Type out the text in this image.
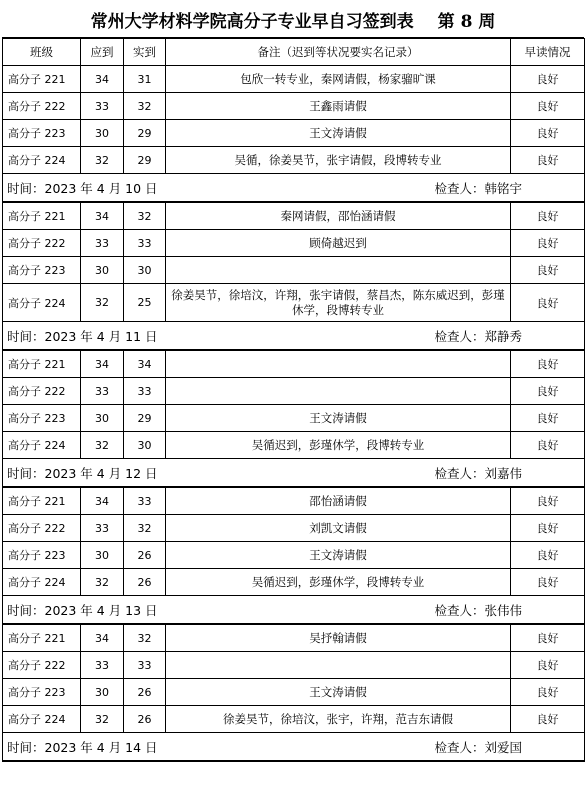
常州大学材料学院高分子专业早自习签到表 第 8 周
班级	应到	实到	备注（迟到等状况要实名记录）	早读情况
高分子 221	34	31	包欣一转专业，秦网请假，杨家骝旷课	良好
高分子 222	33	32	王鑫雨请假	良好
高分子 223	30	29	王文涛请假	良好
高分子 224	32	29	吴循，徐姜昊节，张宇请假，段博转专业	良好

时间：2023 年 4 月 10 日 检查人：韩铭宇				

高分子 221	34	32	秦网请假，邵怡涵请假	良好
高分子 222	33	33	顾倚越迟到	良好
高分子 223	30	30		良好
高分子 224	32	25	徐姜昊节，徐培汶，许翔，张宇请假，蔡昌杰，陈东威迟到，彭瑾休学，段博转专业	良好

时间：2023 年 4 月 11 日 检查人：郑静秀				

高分子 221	34	34		良好
高分子 222	33	33		良好
高分子 223	30	29	王文涛请假	良好
高分子 224	32	30	吴循迟到，彭瑾休学，段博转专业	良好

时间：2023 年 4 月 12 日 检查人：刘嘉伟				

高分子 221	34	33	邵怡涵请假	良好
高分子 222	33	32	刘凯文请假	良好
高分子 223	30	26	王文涛请假	良好
高分子 224	32	26	吴循迟到，彭瑾休学，段博转专业	良好

时间：2023 年 4 月 13 日 检查人：张伟伟				

高分子 221	34	32	吴抒翰请假	良好
高分子 222	33	33		良好
高分子 223	30	26	王文涛请假	良好
高分子 224	32	26	徐姜昊节，徐培汶，张宇，许翔，范吉东请假	良好

时间：2023 年 4 月 14 日 检查人：刘爱国				
